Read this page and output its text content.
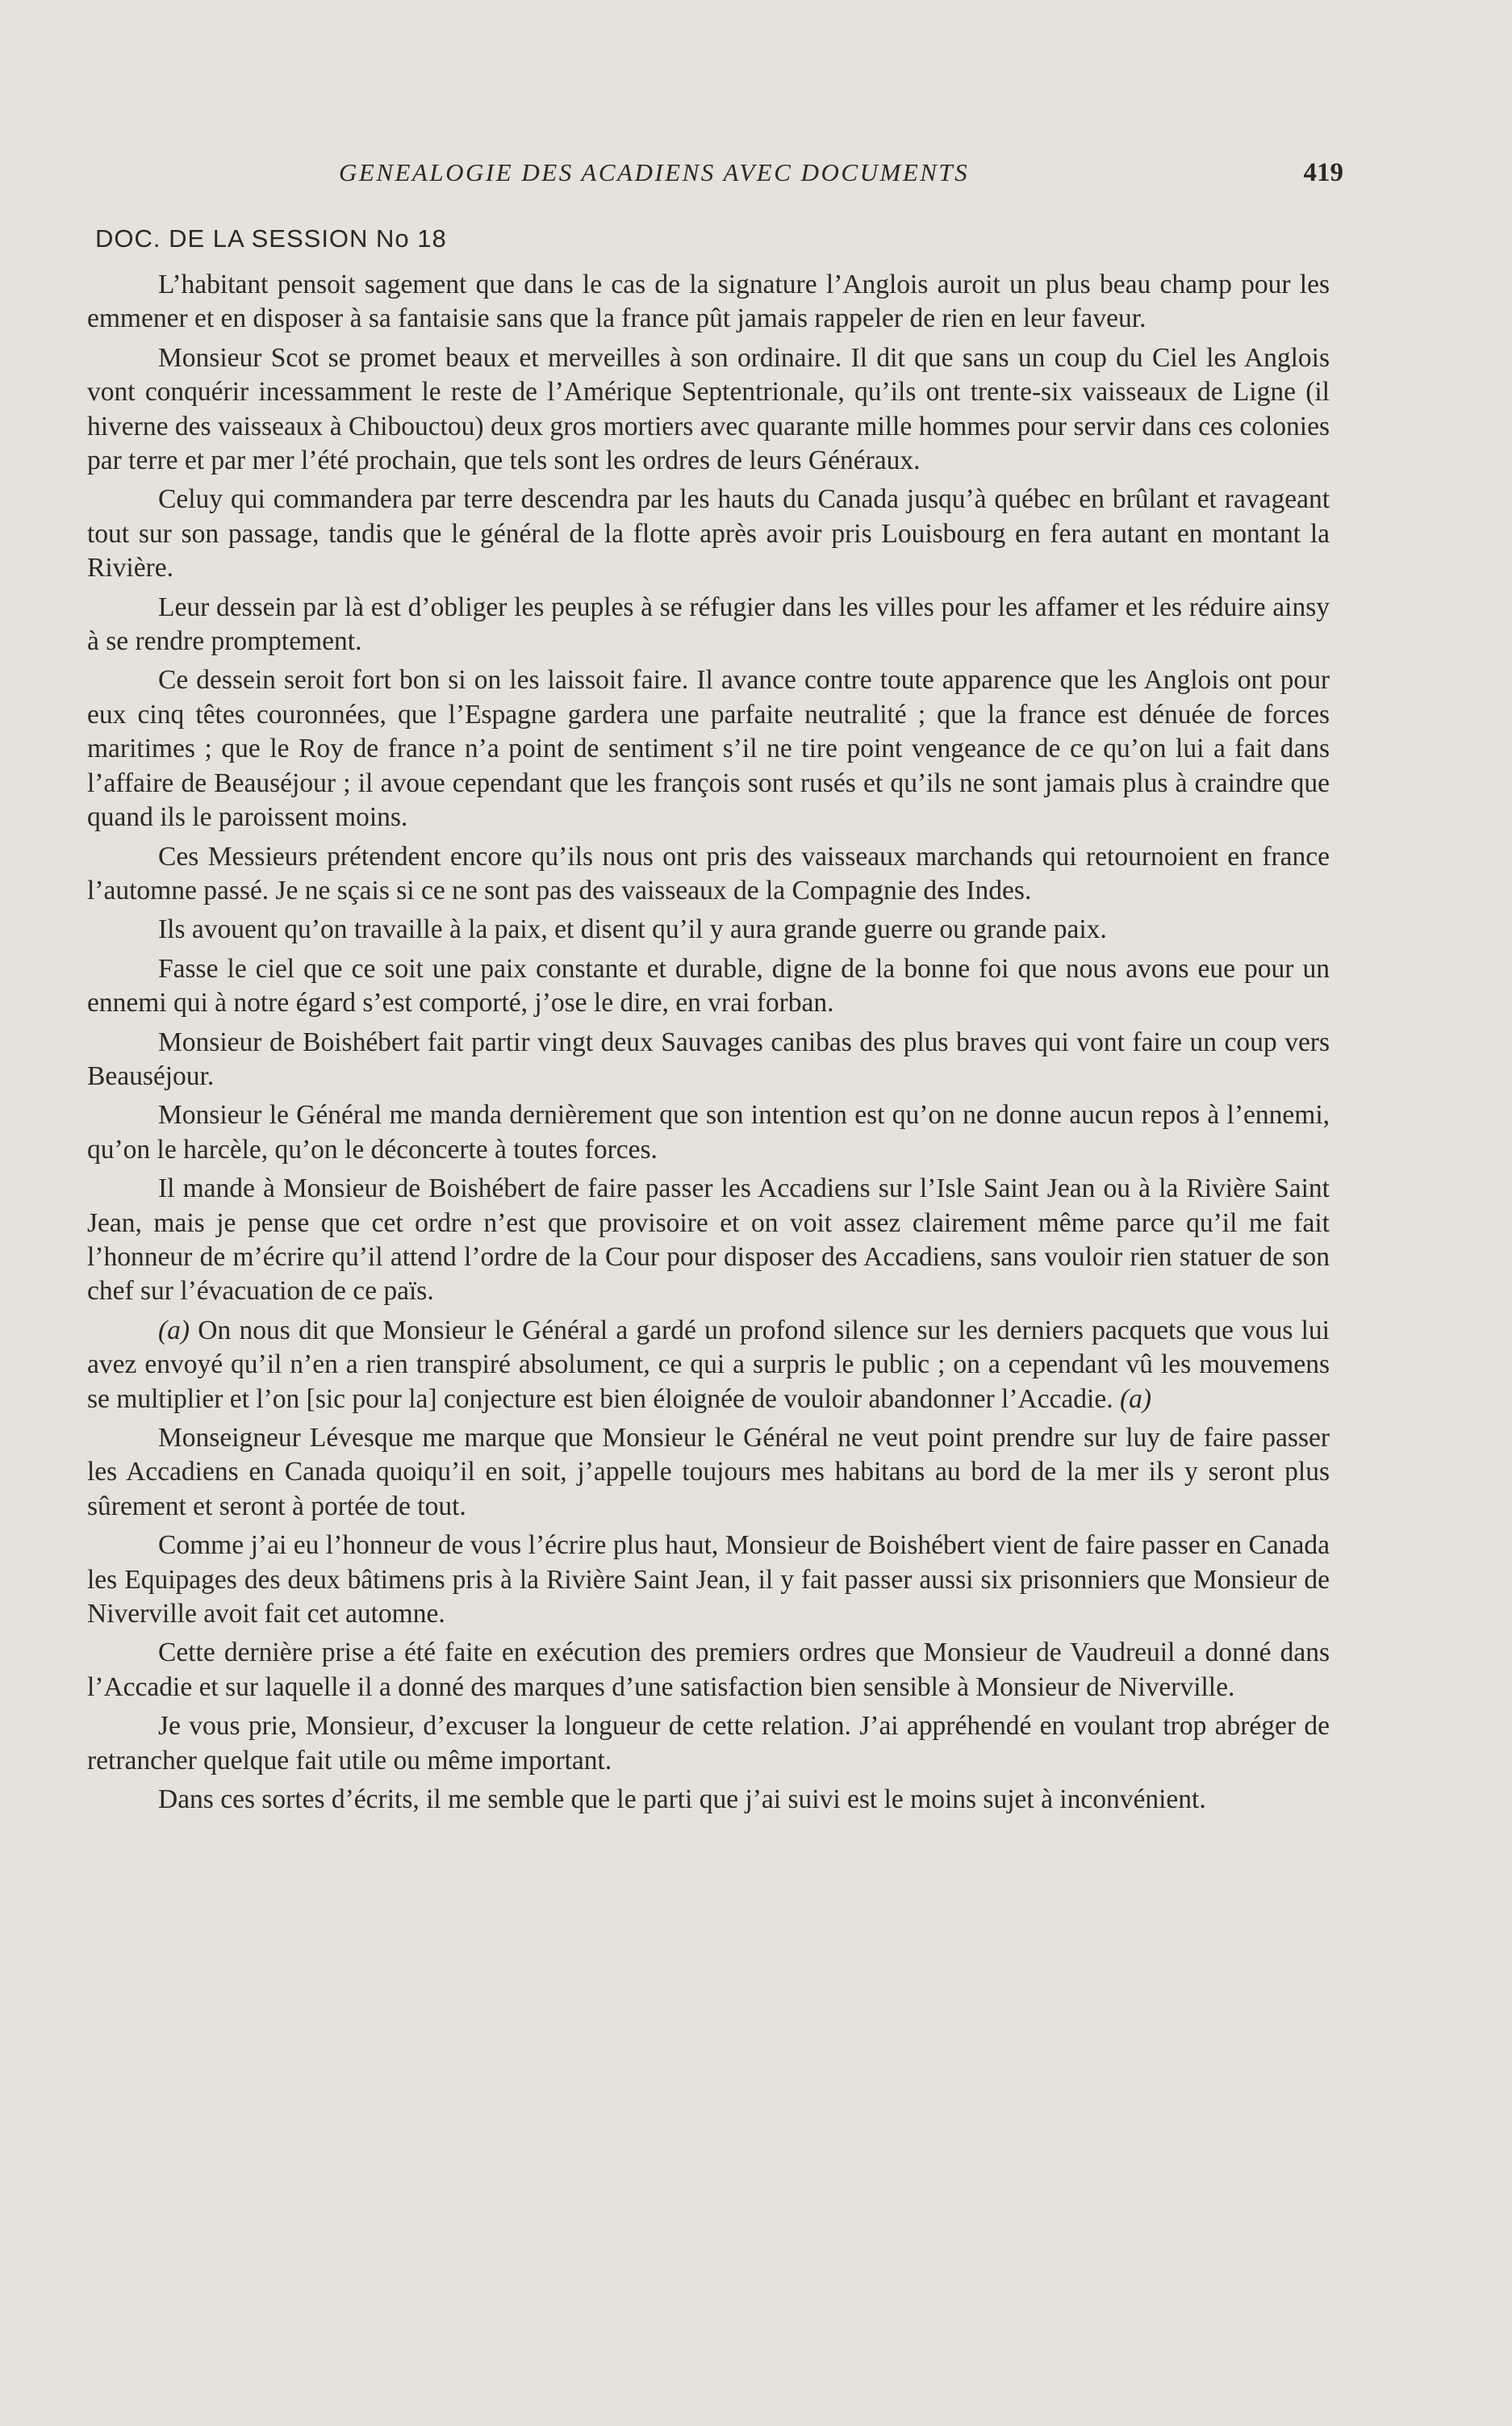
GENEALOGIE DES ACADIENS AVEC DOCUMENTS	419
DOC. DE LA SESSION No 18

L’habitant pensoit sagement que dans le cas de la signature l’Anglois auroit un plus beau champ pour les emmener et en disposer à sa fantaisie sans que la france pût jamais rappeler de rien en leur faveur.

Monsieur Scot se promet beaux et merveilles à son ordinaire. Il dit que sans un coup du Ciel les Anglois vont conquérir incessamment le reste de l’Amérique Septentrionale, qu’ils ont trente-six vaisseaux de Ligne (il hiverne des vaisseaux à Chibouctou) deux gros mortiers avec quarante mille hommes pour servir dans ces colonies par terre et par mer l’été prochain, que tels sont les ordres de leurs Généraux.

Celuy qui commandera par terre descendra par les hauts du Canada jusqu’à québec en brûlant et ravageant tout sur son passage, tandis que le général de la flotte après avoir pris Louisbourg en fera autant en montant la Rivière.

Leur dessein par là est d’obliger les peuples à se réfugier dans les villes pour les affamer et les réduire ainsy à se rendre promptement.

Ce dessein seroit fort bon si on les laissoit faire. Il avance contre toute apparence que les Anglois ont pour eux cinq têtes couronnées, que l’Espagne gardera une parfaite neutralité ; que la france est dénuée de forces maritimes ; que le Roy de france n’a point de sentiment s’il ne tire point vengeance de ce qu’on lui a fait dans l’affaire de Beauséjour ; il avoue cependant que les françois sont rusés et qu’ils ne sont jamais plus à craindre que quand ils le paroissent moins.

Ces Messieurs prétendent encore qu’ils nous ont pris des vaisseaux marchands qui retournoient en france l’automne passé. Je ne sçais si ce ne sont pas des vaisseaux de la Compagnie des Indes.

Ils avouent qu’on travaille à la paix, et disent qu’il y aura grande guerre ou grande paix.

Fasse le ciel que ce soit une paix constante et durable, digne de la bonne foi que nous avons eue pour un ennemi qui à notre égard s’est comporté, j’ose le dire, en vrai forban.

Monsieur de Boishébert fait partir vingt deux Sauvages canibas des plus braves qui vont faire un coup vers Beauséjour.

Monsieur le Général me manda dernièrement que son intention est qu’on ne donne aucun repos à l’ennemi, qu’on le harcèle, qu’on le déconcerte à toutes forces.

Il mande à Monsieur de Boishébert de faire passer les Accadiens sur l’Isle Saint Jean ou à la Rivière Saint Jean, mais je pense que cet ordre n’est que provisoire et on voit assez clairement même parce qu’il me fait l’honneur de m’écrire qu’il attend l’ordre de la Cour pour disposer des Accadiens, sans vouloir rien statuer de son chef sur l’évacuation de ce païs.

(a) On nous dit que Monsieur le Général a gardé un profond silence sur les derniers pacquets que vous lui avez envoyé qu’il n’en a rien transpiré absolument, ce qui a surpris le public ; on a cependant vû les mouvemens se multiplier et l’on [sic pour la] conjecture est bien éloignée de vouloir abandonner l’Accadie. (a)

Monseigneur Lévesque me marque que Monsieur le Général ne veut point prendre sur luy de faire passer les Accadiens en Canada quoiqu’il en soit, j’appelle toujours mes habitans au bord de la mer ils y seront plus sûrement et seront à portée de tout.

Comme j’ai eu l’honneur de vous l’écrire plus haut, Monsieur de Boishébert vient de faire passer en Canada les Equipages des deux bâtimens pris à la Rivière Saint Jean, il y fait passer aussi six prisonniers que Monsieur de Niverville avoit fait cet automne.

Cette dernière prise a été faite en exécution des premiers ordres que Monsieur de Vaudreuil a donné dans l’Accadie et sur laquelle il a donné des marques d’une satisfaction bien sensible à Monsieur de Niverville.

Je vous prie, Monsieur, d’excuser la longueur de cette relation. J’ai appréhendé en voulant trop abréger de retrancher quelque fait utile ou même important.

Dans ces sortes d’écrits, il me semble que le parti que j’ai suivi est le moins sujet à inconvénient.
